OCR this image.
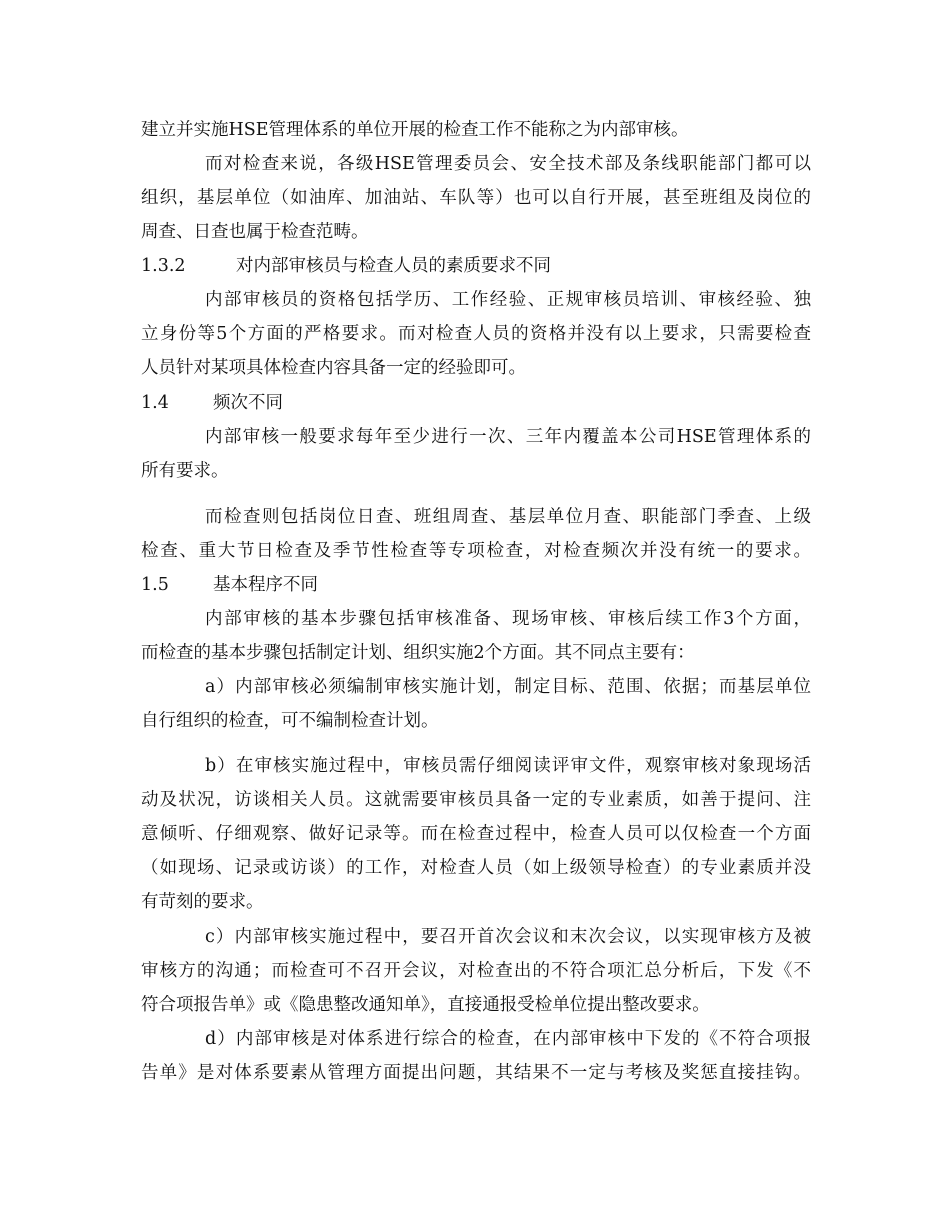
建立并实施HSE管理体系的单位开展的检查工作不能称之为内部审核。
而对检查来说，各级HSE管理委员会、安全技术部及条线职能部门都可以
组织，基层单位（如油库、加油站、车队等）也可以自行开展，甚至班组及岗位的
周查、日查也属于检查范畴。
1.3.2	对内部审核员与检查人员的素质要求不同
内部审核员的资格包括学历、工作经验、正规审核员培训、审核经验、独
立身份等5个方面的严格要求。而对检查人员的资格并没有以上要求，只需要检查
人员针对某项具体检查内容具备一定的经验即可。
1.4	频次不同
内部审核一般要求每年至少进行一次、三年内覆盖本公司HSE管理体系的
所有要求。
而检查则包括岗位日查、班组周查、基层单位月查、职能部门季查、上级
检查、重大节日检查及季节性检查等专项检查，对检查频次并没有统一的要求。
1.5	基本程序不同
内部审核的基本步骤包括审核准备、现场审核、审核后续工作3个方面，
而检查的基本步骤包括制定计划、组织实施2个方面。其不同点主要有：
a）内部审核必须编制审核实施计划，制定目标、范围、依据；而基层单位
自行组织的检查，可不编制检查计划。
b）在审核实施过程中，审核员需仔细阅读评审文件，观察审核对象现场活
动及状况，访谈相关人员。这就需要审核员具备一定的专业素质，如善于提问、注
意倾听、仔细观察、做好记录等。而在检查过程中，检查人员可以仅检查一个方面
（如现场、记录或访谈）的工作，对检查人员（如上级领导检查）的专业素质并没
有苛刻的要求。
c）内部审核实施过程中，要召开首次会议和末次会议，以实现审核方及被
审核方的沟通；而检查可不召开会议，对检查出的不符合项汇总分析后，下发《不
符合项报告单》或《隐患整改通知单》，直接通报受检单位提出整改要求。
d）内部审核是对体系进行综合的检查，在内部审核中下发的《不符合项报
告单》是对体系要素从管理方面提出问题，其结果不一定与考核及奖惩直接挂钩。
